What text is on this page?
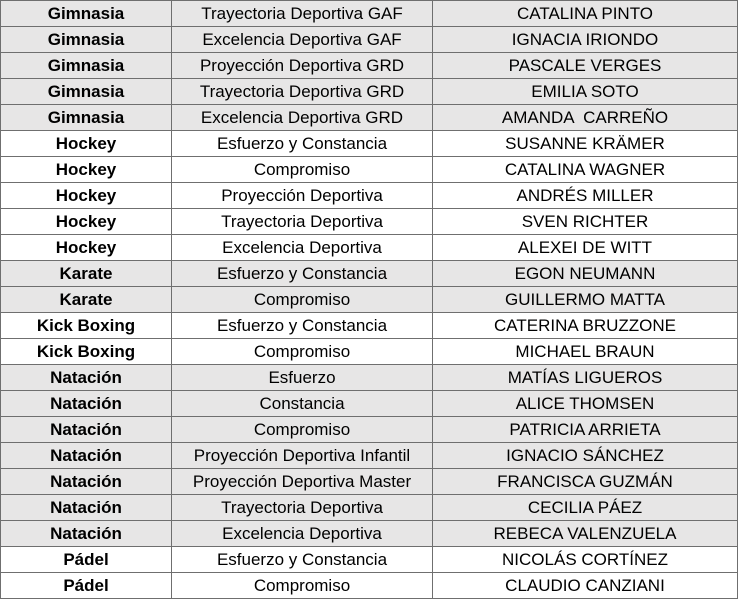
Gimnasia	Trayectoria Deportiva GAF	CATALINA PINTO
Gimnasia	Excelencia Deportiva GAF	IGNACIA IRIONDO
Gimnasia	Proyección Deportiva GRD	PASCALE VERGES
Gimnasia	Trayectoria Deportiva GRD	EMILIA SOTO
Gimnasia	Excelencia Deportiva GRD	AMANDA  CARREÑO
Hockey	Esfuerzo y Constancia	SUSANNE KRÄMER
Hockey	Compromiso	CATALINA WAGNER
Hockey	Proyección Deportiva	ANDRÉS MILLER
Hockey	Trayectoria Deportiva	SVEN RICHTER
Hockey	Excelencia Deportiva	ALEXEI DE WITT
Karate	Esfuerzo y Constancia	EGON NEUMANN
Karate	Compromiso	GUILLERMO MATTA
Kick Boxing	Esfuerzo y Constancia	CATERINA BRUZZONE
Kick Boxing	Compromiso	MICHAEL BRAUN
Natación	Esfuerzo	MATÍAS LIGUEROS
Natación	Constancia	ALICE THOMSEN
Natación	Compromiso	PATRICIA ARRIETA
Natación	Proyección Deportiva Infantil	IGNACIO SÁNCHEZ
Natación	Proyección Deportiva Master	FRANCISCA GUZMÁN
Natación	Trayectoria Deportiva	CECILIA PÁEZ
Natación	Excelencia Deportiva	REBECA VALENZUELA
Pádel	Esfuerzo y Constancia	NICOLÁS CORTÍNEZ
Pádel	Compromiso	CLAUDIO CANZIANI
